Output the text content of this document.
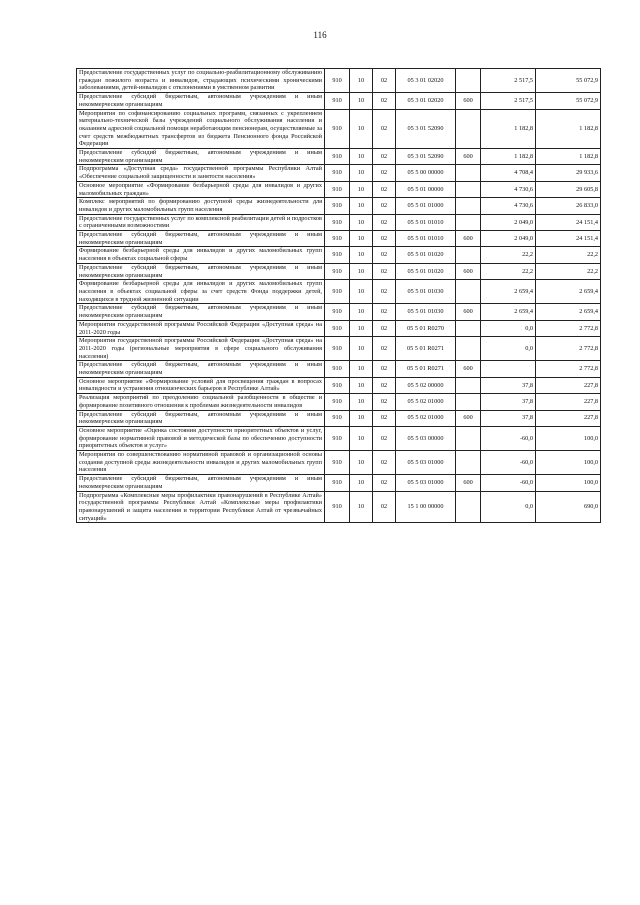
116
Предоставление государственных услуг по социально-реабилитационному обслуживанию граждан пожилого возраста и инвалидов, страдающих психическими хроническими заболеваниями, детей-инвалидов с отклонениями в умственном развитии	910	10	02	05 3 01 02020		2 517,5	55 072,9
Предоставление субсидий бюджетным, автономным учреждениям и иным некоммерческим организациям	910	10	02	05 3 01 02020	600	2 517,5	55 072,9
Мероприятия по софинансированию социальных программ, связанных с укреплением материально-технической базы учреждений социального обслуживания населения и оказанием адресной социальной помощи неработающим пенсионерам, осуществляемые за счет средств межбюджетных трансфертов из бюджета Пенсионного фонда Российской Федерации	910	10	02	05 3 01 52090		1 182,8	1 182,8
Предоставление субсидий бюджетным, автономным учреждениям и иным некоммерческим организациям	910	10	02	05 3 01 52090	600	1 182,8	1 182,8
Подпрограмма «Доступная среда» государственной программы Республики Алтай «Обеспечение социальной защищенности и занятости населения»	910	10	02	05 5 00 00000		4 708,4	29 933,6
Основное мероприятие «Формирование безбарьерной среды для инвалидов и других маломобильных граждан»	910	10	02	05 5 01 00000		4 730,6	29 605,8
Комплекс мероприятий по формированию доступной среды жизнедеятельности для инвалидов и других маломобильных групп населения	910	10	02	05 5 01 01000		4 730,6	26 833,0
Предоставление государственных услуг по комплексной реабилитации детей и подростков с ограниченными возможностями	910	10	02	05 5 01 01010		2 049,0	24 151,4
Предоставление субсидий бюджетным, автономным учреждениям и иным некоммерческим организациям	910	10	02	05 5 01 01010	600	2 049,0	24 151,4
Формирование безбарьерной среды для инвалидов и других маломобильных групп населения в объектах социальной сферы	910	10	02	05 5 01 01020		22,2	22,2
Предоставление субсидий бюджетным, автономным учреждениям и иным некоммерческим организациям	910	10	02	05 5 01 01020	600	22,2	22,2
Формирование безбарьерной среды для инвалидов и других маломобильных групп населения в объектах социальной сферы за счет средств Фонда поддержки детей, находящихся в трудной жизненной ситуации	910	10	02	05 5 01 01030		2 659,4	2 659,4
Предоставление субсидий бюджетным, автономным учреждениям и иным некоммерческим организациям	910	10	02	05 5 01 01030	600	2 659,4	2 659,4
Мероприятия государственной программы Российской Федерации «Доступная среда» на 2011-2020 годы	910	10	02	05 5 01 R0270		0,0	2 772,8
Мероприятия государственной программы Российской Федерации «Доступная среда» на 2011-2020 годы (региональные мероприятия в сфере социального обслуживания населения)	910	10	02	05 5 01 R0271		0,0	2 772,8
Предоставление субсидий бюджетным, автономным учреждениям и иным некоммерческим организациям	910	10	02	05 5 01 R0271	600		2 772,8
Основное мероприятие «Формирование условий для просвещения граждан в вопросах инвалидности и устранения отношенческих барьеров в Республике Алтай»	910	10	02	05 5 02 00000		37,8	227,8
Реализация мероприятий по преодолению социальной разобщенности в обществе и формирование позитивного отношения к проблемам жизнедеятельности инвалидов	910	10	02	05 5 02 01000		37,8	227,8
Предоставление субсидий бюджетным, автономным учреждениям и иным некоммерческим организациям	910	10	02	05 5 02 01000	600	37,8	227,8
Основное мероприятие «Оценка состояния доступности приоритетных объектов и услуг, формирование нормативной правовой и методической базы по обеспечению доступности приоритетных объектов и услуг»	910	10	02	05 5 03 00000		-60,0	100,0
Мероприятия по совершенствованию нормативной правовой и организационной основы создания доступной среды жизнедеятельности инвалидов и других маломобильных групп населения	910	10	02	05 5 03 01000		-60,0	100,0
Предоставление субсидий бюджетным, автономным учреждениям и иным некоммерческим организациям	910	10	02	05 5 03 01000	600	-60,0	100,0
Подпрограмма «Комплексные меры профилактики правонарушений в Республике Алтай» государственной программы Республики Алтай «Комплексные меры профилактики правонарушений и защита населения и территории Республики Алтай от чрезвычайных ситуаций»	910	10	02	15 1 00 00000		0,0	690,0
